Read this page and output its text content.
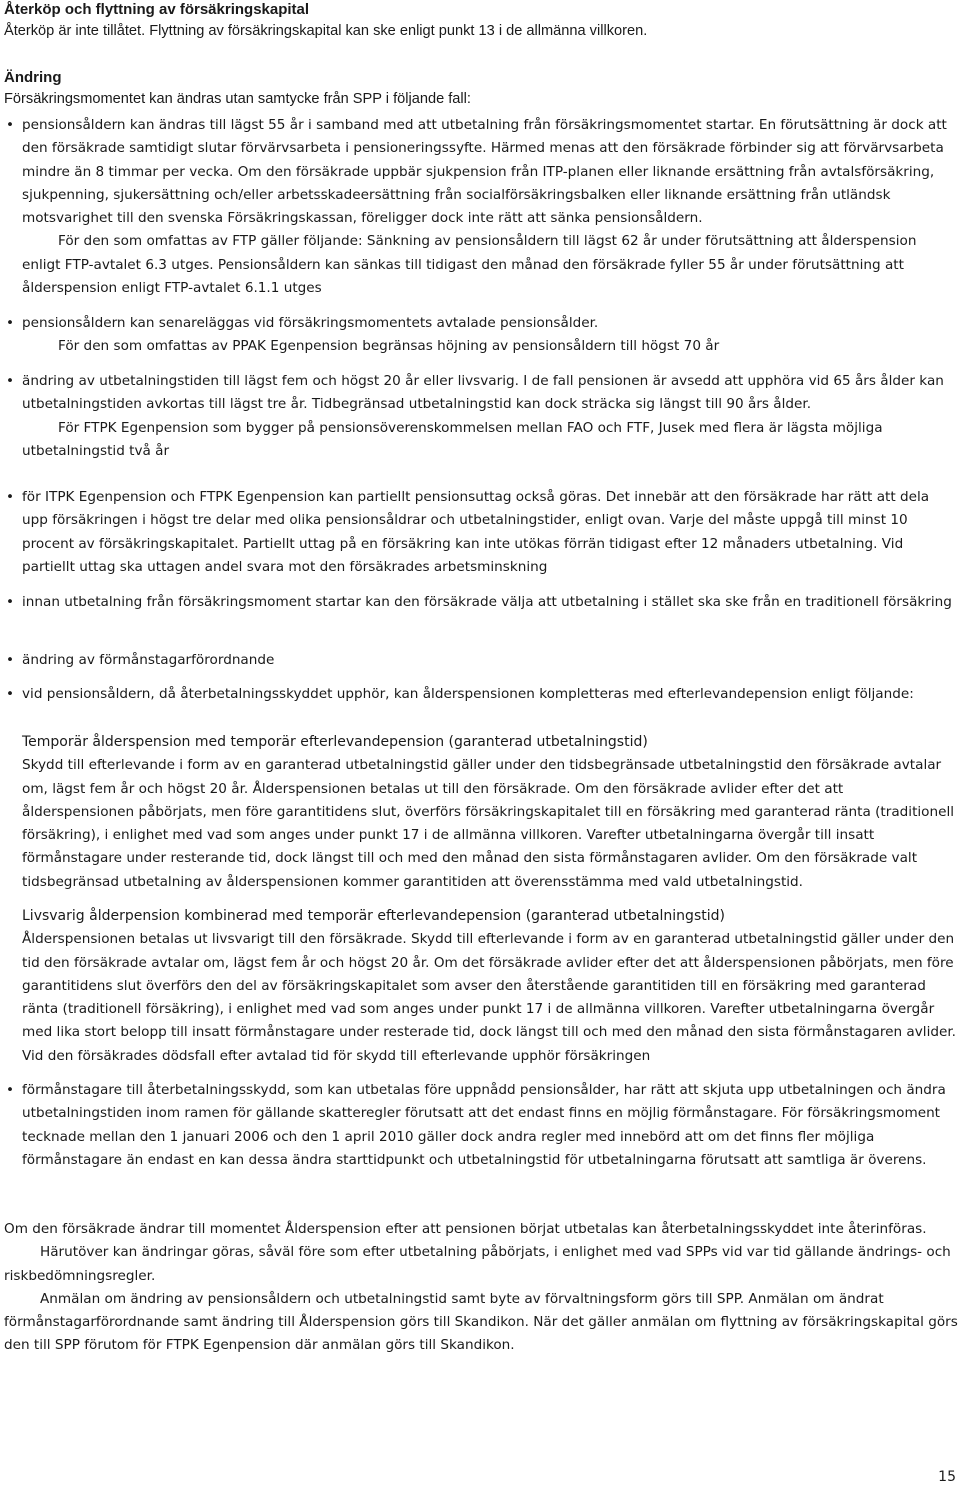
Återköp och flyttning av försäkringskapital

Återköp är inte tillåtet. Flyttning av försäkringskapital kan ske enligt punkt 13 i de allmänna villkoren.

Ändring

Försäkringsmomentet kan ändras utan samtycke från SPP i följande fall:

• pensionsåldern kan ändras till lägst 55 år i samband med att utbetalning från försäkringsmomentet startar. En förutsättning är dock att den försäkrade samtidigt slutar förvärvsarbeta i pensioneringssyfte. Härmed menas att den försäkrade förbinder sig att förvärvsarbeta mindre än 8 timmar per vecka. Om den försäkrade uppbär sjukpension från ITP-planen eller liknande ersättning från avtalsförsäkring, sjukpenning, sjukersättning och/eller arbetsskadeersättning från socialförsäkringsbalken eller liknande ersättning från utländsk motsvarighet till den svenska Försäkringskassan, föreligger dock inte rätt att sänka pensionsåldern.

För den som omfattas av FTP gäller följande: Sänkning av pensionsåldern till lägst 62 år under förutsättning att ålderspension enligt FTP-avtalet 6.3 utges. Pensionsåldern kan sänkas till tidigast den månad den försäkrade fyller 55 år under förutsättning att ålderspension enligt FTP-avtalet 6.1.1 utges

• pensionsåldern kan senareläggas vid försäkringsmomentets avtalade pensionsålder.

För den som omfattas av PPAK Egenpension begränsas höjning av pensionsåldern till högst 70 år

• ändring av utbetalningstiden till lägst fem och högst 20 år eller livsvarig. I de fall pensionen är avsedd att upphöra vid 65 års ålder kan utbetalningstiden avkortas till lägst tre år. Tidbegränsad utbetalningstid kan dock sträcka sig längst till 90 års ålder.

För FTPK Egenpension som bygger på pensionsöverenskommelsen mellan FAO och FTF, Jusek med flera är lägsta möjliga utbetalningstid två år

• för ITPK Egenpension och FTPK Egenpension kan partiellt pensionsuttag också göras. Det innebär att den försäkrade har rätt att dela upp försäkringen i högst tre delar med olika pensionsåldrar och utbetalningstider, enligt ovan. Varje del måste uppgå till minst 10 procent av försäkringskapitalet. Partiellt uttag på en försäkring kan inte utökas förrän tidigast efter 12 månaders utbetalning. Vid partiellt uttag ska uttagen andel svara mot den försäkrades arbetsminskning

• innan utbetalning från försäkringsmoment startar kan den försäkrade välja att utbetalning i stället ska ske från en traditionell försäkring

• ändring av förmånstagarförordnande

• vid pensionsåldern, då återbetalningsskyddet upphör, kan ålderspensionen kompletteras med efterlevandepension enligt följande:

Temporär ålderspension med temporär efterlevandepension (garanterad utbetalningstid)

Skydd till efterlevande i form av en garanterad utbetalningstid gäller under den tidsbegränsade utbetalningstid den försäkrade avtalar om, lägst fem år och högst 20 år. Ålderspensionen betalas ut till den försäkrade. Om den försäkrade avlider efter det att ålderspensionen påbörjats, men före garantitidens slut, överförs försäkringskapitalet till en försäkring med garanterad ränta (traditionell försäkring), i enlighet med vad som anges under punkt 17 i de allmänna villkoren. Varefter utbetalningarna övergår till insatt förmånstagare under resterande tid, dock längst till och med den månad den sista förmånstagaren avlider. Om den försäkrade valt tidsbegränsad utbetalning av ålderspensionen kommer garantitiden att överensstämma med vald utbetalningstid.

Livsvarig ålderpension kombinerad med temporär efterlevandepension (garanterad utbetalningstid)

Ålderspensionen betalas ut livsvarigt till den försäkrade. Skydd till efterlevande i form av en garanterad utbetalningstid gäller under den tid den försäkrade avtalar om, lägst fem år och högst 20 år. Om det försäkrade avlider efter det att ålderspensionen påbörjats, men före garantitidens slut överförs den del av försäkringskapitalet som avser den återstående garantitiden till en försäkring med garanterad ränta (traditionell försäkring), i enlighet med vad som anges under punkt 17 i de allmänna villkoren. Varefter utbetalningarna övergår med lika stort belopp till insatt förmånstagare under resterade tid, dock längst till och med den månad den sista förmånstagaren avlider. Vid den försäkrades dödsfall efter avtalad tid för skydd till efterlevande upphör försäkringen

• förmånstagare till återbetalningsskydd, som kan utbetalas före uppnådd pensionsålder, har rätt att skjuta upp utbetalningen och ändra utbetalningstiden inom ramen för gällande skatteregler förutsatt att det endast finns en möjlig förmånstagare. För försäkringsmoment tecknade mellan den 1 januari 2006 och den 1 april 2010 gäller dock andra regler med innebörd att om det finns fler möjliga förmånstagare än endast en kan dessa ändra starttidpunkt och utbetalningstid för utbetalningarna förutsatt att samtliga är överens.

Om den försäkrade ändrar till momentet Ålderspension efter att pensionen börjat utbetalas kan återbetalningsskyddet inte återinföras.

Härutöver kan ändringar göras, såväl före som efter utbetalning påbörjats, i enlighet med vad SPPs vid var tid gällande ändrings- och riskbedömningsregler.

Anmälan om ändring av pensionsåldern och utbetalningstid samt byte av förvaltningsform görs till SPP. Anmälan om ändrat förmånstagarförordnande samt ändring till Ålderspension görs till Skandikon. När det gäller anmälan om flyttning av försäkringskapital görs den till SPP förutom för FTPK Egenpension där anmälan görs till Skandikon.

15
